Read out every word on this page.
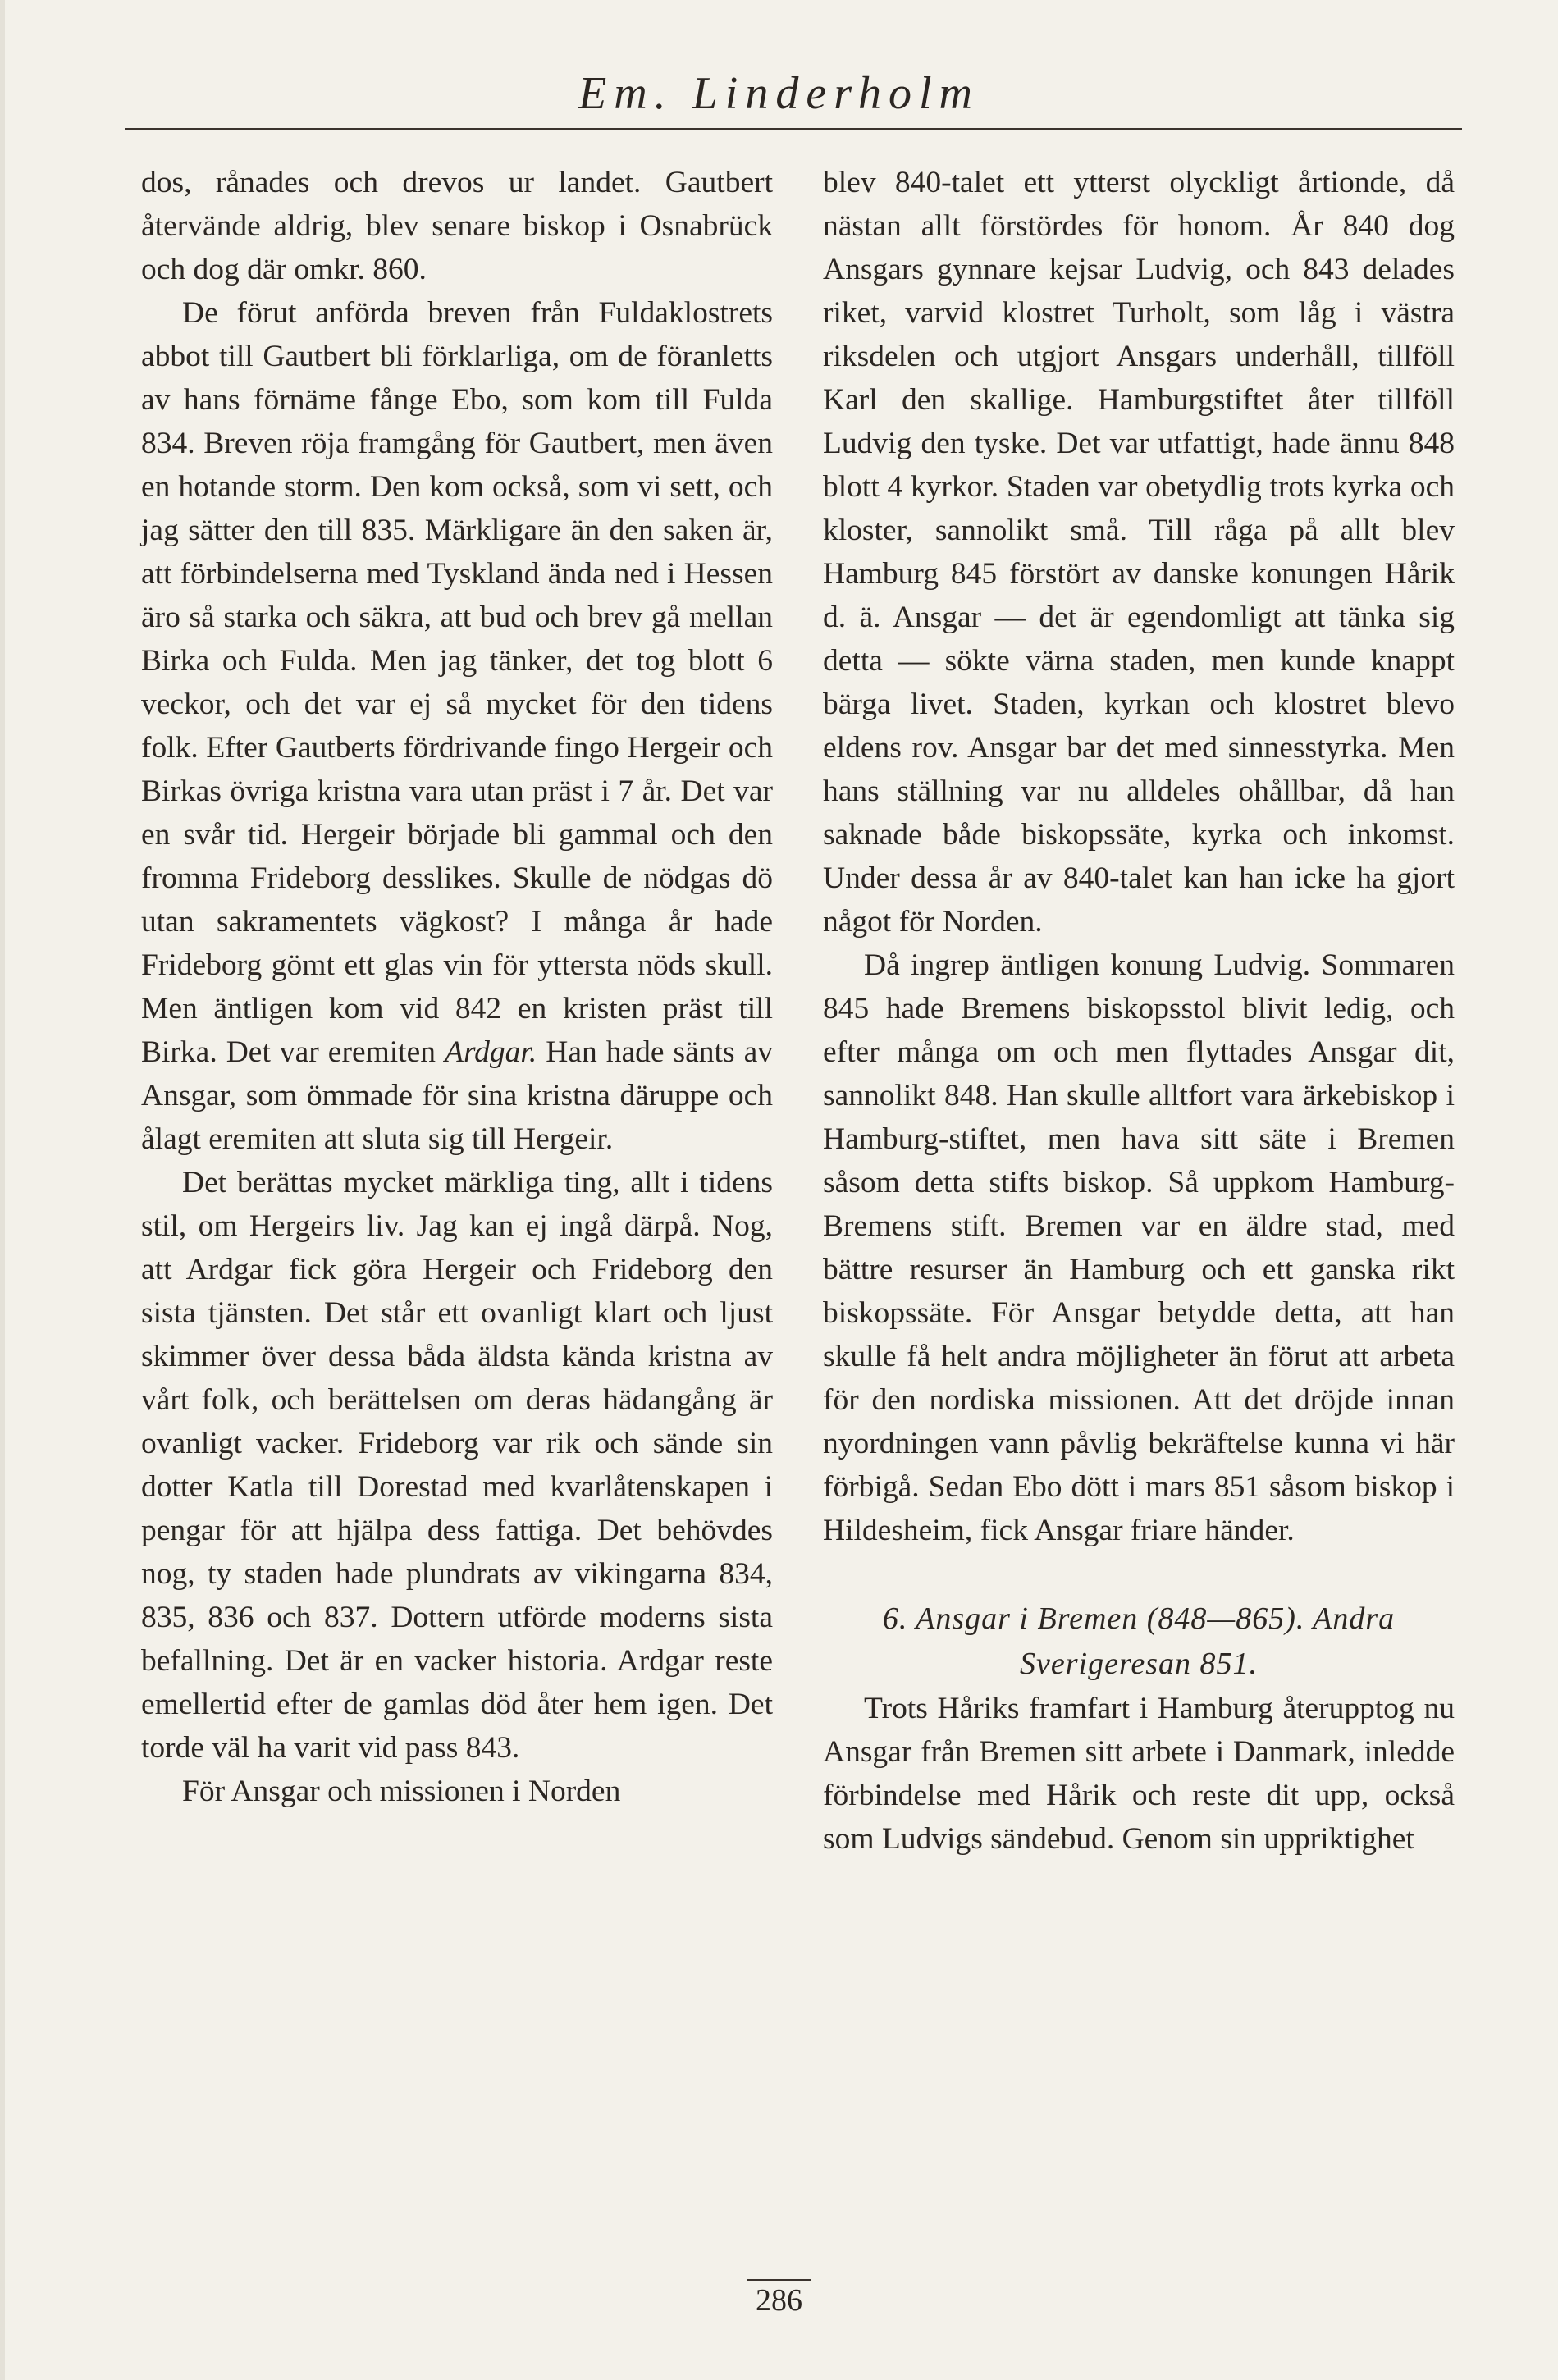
Em. Linderholm

dos, rånades och drevos ur landet. Gautbert återvände aldrig, blev senare biskop i Osnabrück och dog där omkr. 860.

De förut anförda breven från Fuldaklostrets abbot till Gautbert bli förklarliga, om de föranletts av hans förnäme fånge Ebo, som kom till Fulda 834. Breven röja framgång för Gautbert, men även en hotande storm. Den kom också, som vi sett, och jag sätter den till 835. Märkligare än den saken är, att förbindelserna med Tyskland ända ned i Hessen äro så starka och säkra, att bud och brev gå mellan Birka och Fulda. Men jag tänker, det tog blott 6 veckor, och det var ej så mycket för den tidens folk. Efter Gautberts fördrivande fingo Hergeir och Birkas övriga kristna vara utan präst i 7 år. Det var en svår tid. Hergeir började bli gammal och den fromma Frideborg desslikes. Skulle de nödgas dö utan sakramentets vägkost? I många år hade Frideborg gömt ett glas vin för yttersta nöds skull. Men äntligen kom vid 842 en kristen präst till Birka. Det var eremiten Ardgar. Han hade sänts av Ansgar, som ömmade för sina kristna däruppe och ålagt eremiten att sluta sig till Hergeir.

Det berättas mycket märkliga ting, allt i tidens stil, om Hergeirs liv. Jag kan ej ingå därpå. Nog, att Ardgar fick göra Hergeir och Frideborg den sista tjänsten. Det står ett ovanligt klart och ljust skimmer över dessa båda äldsta kända kristna av vårt folk, och berättelsen om deras hädangång är ovanligt vacker. Frideborg var rik och sände sin dotter Katla till Dorestad med kvarlåtenskapen i pengar för att hjälpa dess fattiga. Det behövdes nog, ty staden hade plundrats av vikingarna 834, 835, 836 och 837. Dottern utförde moderns sista befallning. Det är en vacker historia. Ardgar reste emellertid efter de gamlas död åter hem igen. Det torde väl ha varit vid pass 843.

För Ansgar och missionen i Norden

blev 840-talet ett ytterst olyckligt årtionde, då nästan allt förstördes för honom. År 840 dog Ansgars gynnare kejsar Ludvig, och 843 delades riket, varvid klostret Turholt, som låg i västra riksdelen och utgjort Ansgars underhåll, tillföll Karl den skallige. Hamburgstiftet åter tillföll Ludvig den tyske. Det var utfattigt, hade ännu 848 blott 4 kyrkor. Staden var obetydlig trots kyrka och kloster, sannolikt små. Till råga på allt blev Hamburg 845 förstört av danske konungen Hårik d. ä. Ansgar — det är egendomligt att tänka sig detta — sökte värna staden, men kunde knappt bärga livet. Staden, kyrkan och klostret blevo eldens rov. Ansgar bar det med sinnesstyrka. Men hans ställning var nu alldeles ohållbar, då han saknade både biskopssäte, kyrka och inkomst. Under dessa år av 840-talet kan han icke ha gjort något för Norden.

Då ingrep äntligen konung Ludvig. Sommaren 845 hade Bremens biskopsstol blivit ledig, och efter många om och men flyttades Ansgar dit, sannolikt 848. Han skulle alltfort vara ärkebiskop i Hamburg-stiftet, men hava sitt säte i Bremen såsom detta stifts biskop. Så uppkom Hamburg-Bremens stift. Bremen var en äldre stad, med bättre resurser än Hamburg och ett ganska rikt biskopssäte. För Ansgar betydde detta, att han skulle få helt andra möjligheter än förut att arbeta för den nordiska missionen. Att det dröjde innan nyordningen vann påvlig bekräftelse kunna vi här förbigå. Sedan Ebo dött i mars 851 såsom biskop i Hildesheim, fick Ansgar friare händer.

6. Ansgar i Bremen (848—865). Andra
Sverigeresan 851.

Trots Håriks framfart i Hamburg återupptog nu Ansgar från Bremen sitt arbete i Danmark, inledde förbindelse med Hårik och reste dit upp, också som Ludvigs sändebud. Genom sin uppriktighet

286
